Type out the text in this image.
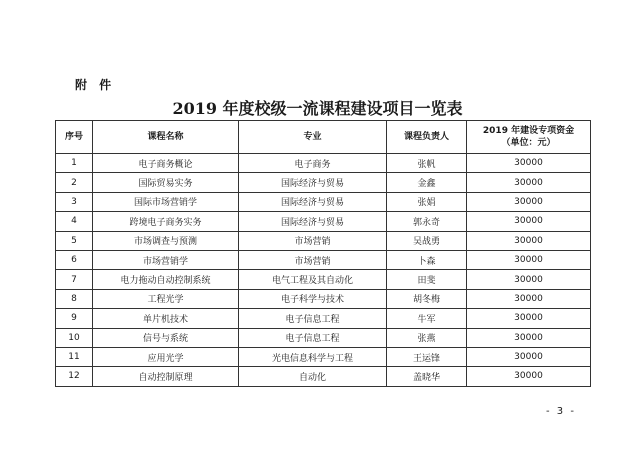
附 件
2019 年度校级一流课程建设项目一览表
序号	课程名称	专业	课程负责人	2019 年建设专项资金
（单位：元）

1	电子商务概论	电子商务	张帆	30000
2	国际贸易实务	国际经济与贸易	金鑫	30000
3	国际市场营销学	国际经济与贸易	张娟	30000
4	跨境电子商务实务	国际经济与贸易	郭永奇	30000
5	市场调查与预测	市场营销	吴战勇	30000
6	市场营销学	市场营销	卜森	30000
7	电力拖动自动控制系统	电气工程及其自动化	田斐	30000
8	工程光学	电子科学与技术	胡冬梅	30000
9	单片机技术	电子信息工程	牛军	30000
10	信号与系统	电子信息工程	张燕	30000
11	应用光学	光电信息科学与工程	王运锋	30000
12	自动控制原理	自动化	盖晓华	30000
- 3 -
